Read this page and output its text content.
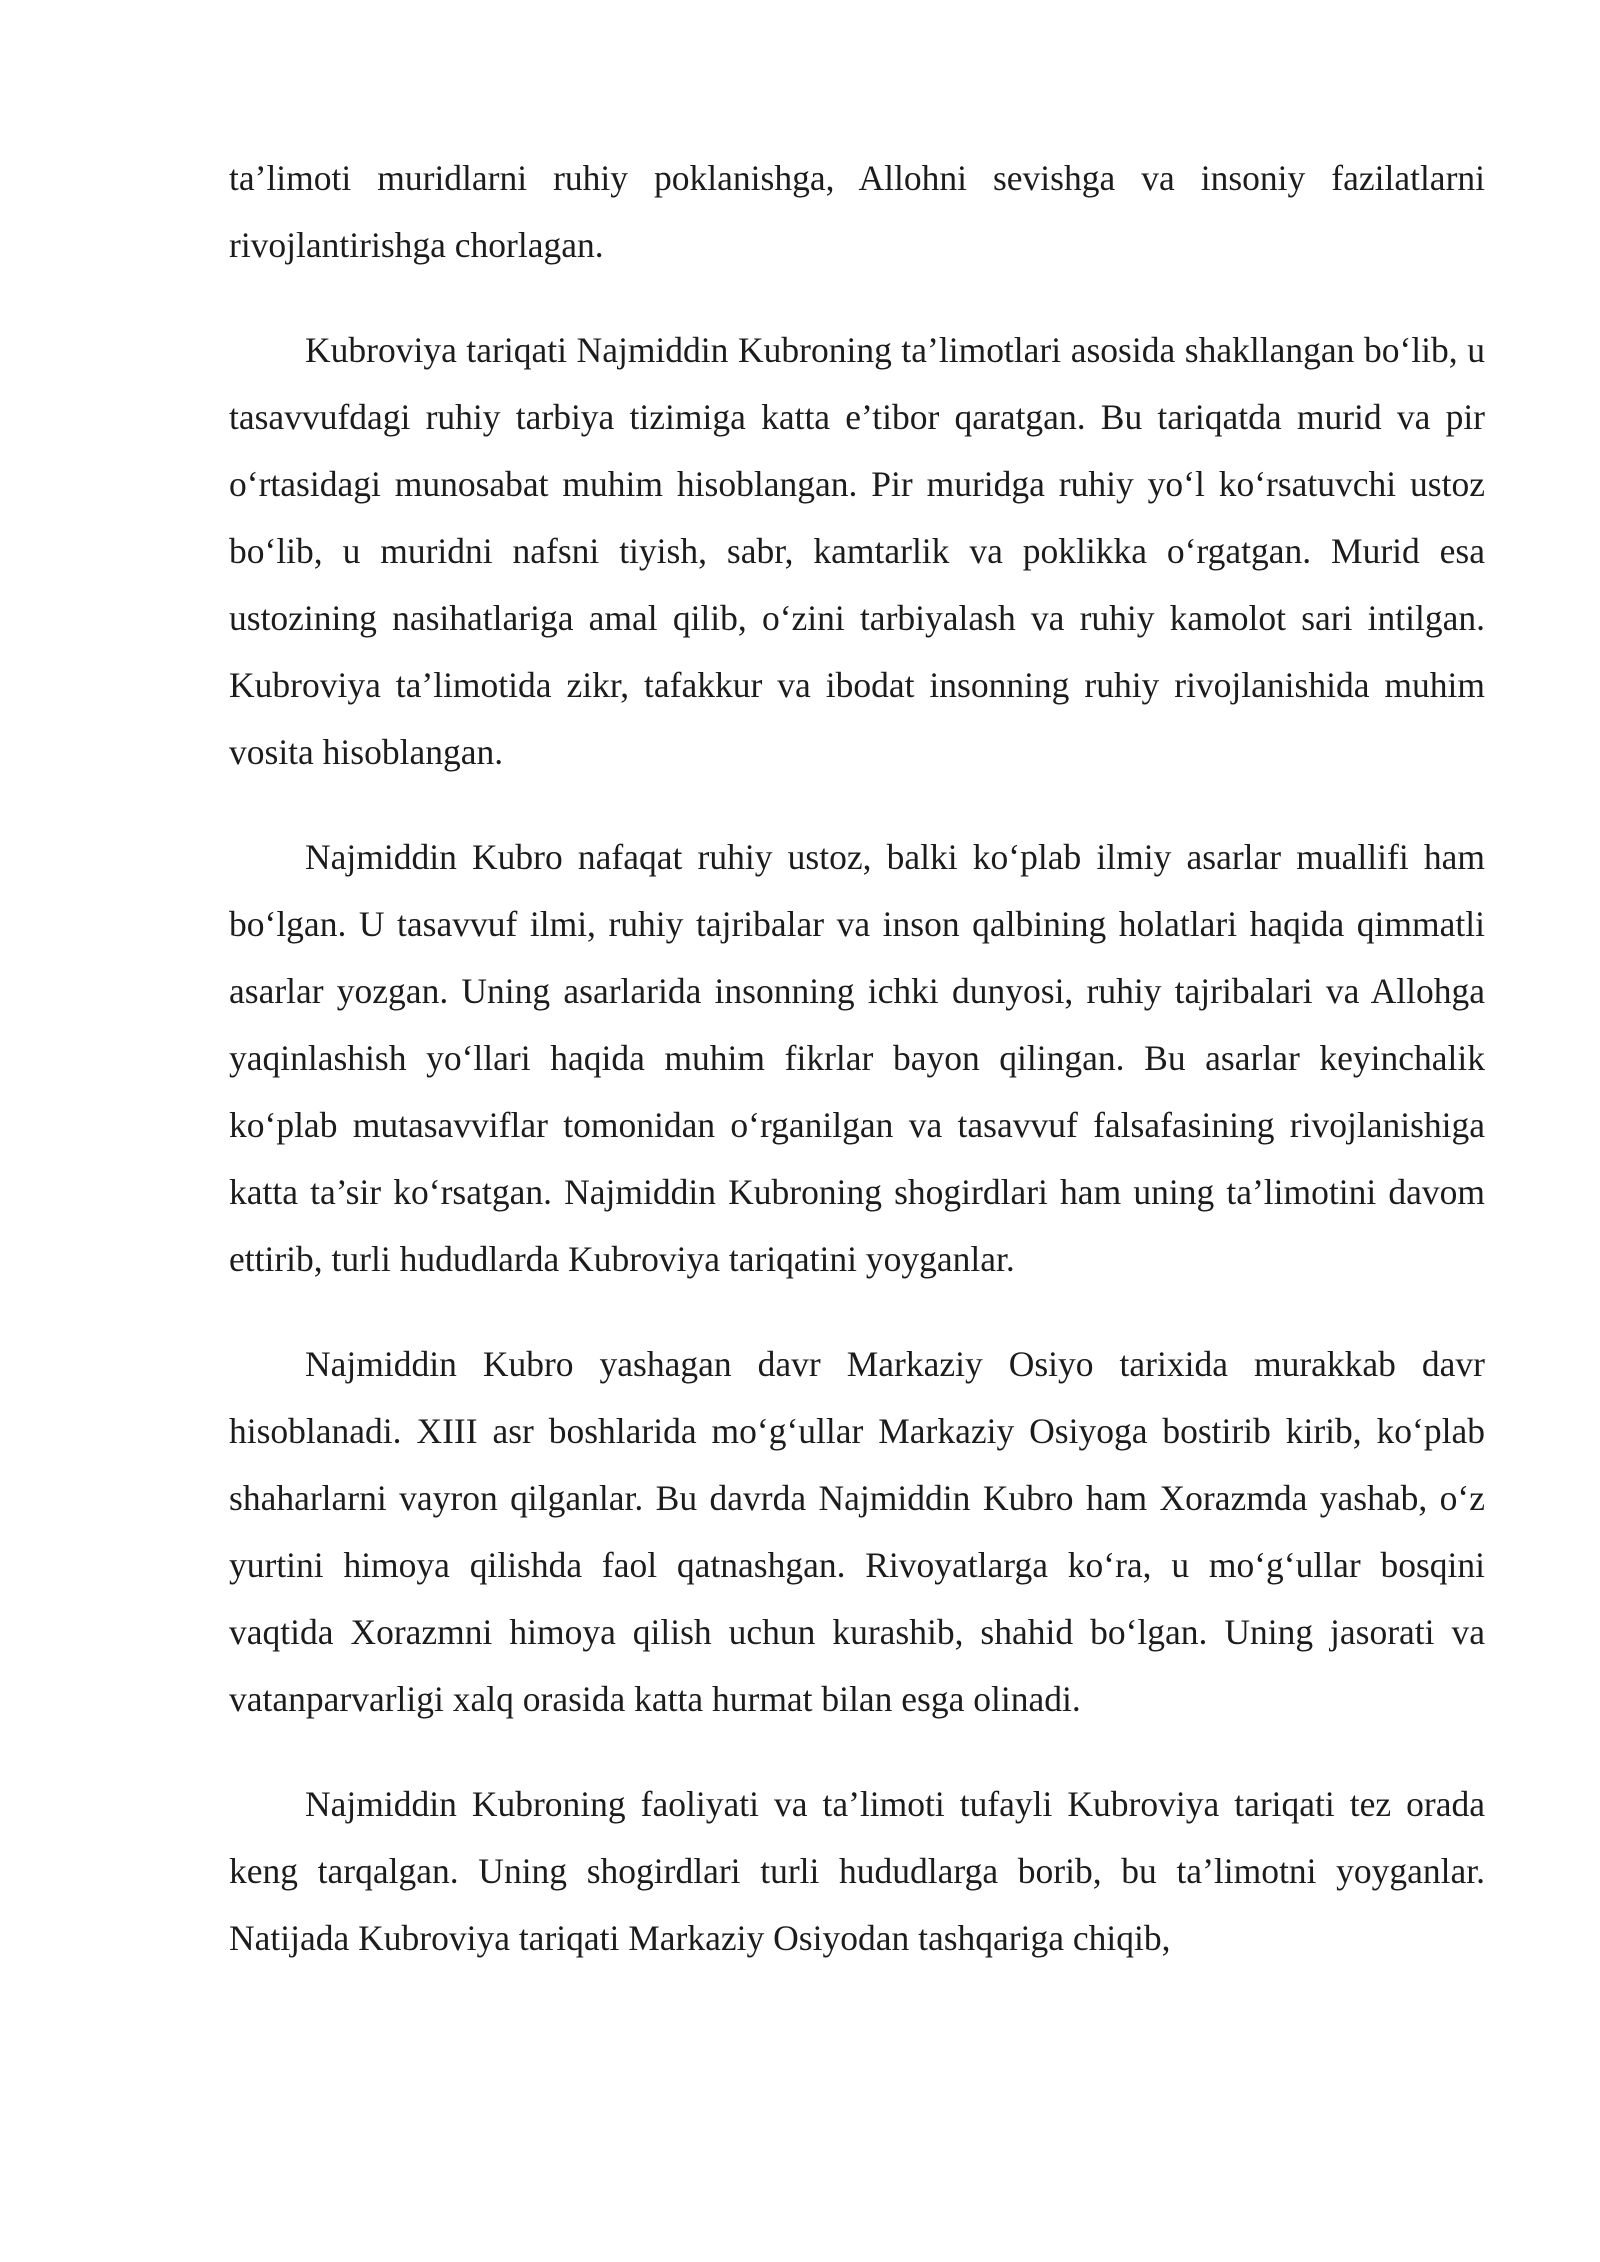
ta’limoti muridlarni ruhiy poklanishga, Allohni sevishga va insoniy fazilatlarni rivojlantirishga chorlagan.

Kubroviya tariqati Najmiddin Kubroning ta’limotlari asosida shakllangan bo‘lib, u tasavvufdagi ruhiy tarbiya tizimiga katta e’tibor qaratgan. Bu tariqatda murid va pir o‘rtasidagi munosabat muhim hisoblangan. Pir muridga ruhiy yo‘l ko‘rsatuvchi ustoz bo‘lib, u muridni nafsni tiyish, sabr, kamtarlik va poklikka o‘rgatgan. Murid esa ustozining nasihatlariga amal qilib, o‘zini tarbiyalash va ruhiy kamolot sari intilgan. Kubroviya ta’limotida zikr, tafakkur va ibodat insonning ruhiy rivojlanishida muhim vosita hisoblangan.

Najmiddin Kubro nafaqat ruhiy ustoz, balki ko‘plab ilmiy asarlar muallifi ham bo‘lgan. U tasavvuf ilmi, ruhiy tajribalar va inson qalbining holatlari haqida qimmatli asarlar yozgan. Uning asarlarida insonning ichki dunyosi, ruhiy tajribalari va Allohga yaqinlashish yo‘llari haqida muhim fikrlar bayon qilingan. Bu asarlar keyinchalik ko‘plab mutasavviflar tomonidan o‘rganilgan va tasavvuf falsafasining rivojlanishiga katta ta’sir ko‘rsatgan. Najmiddin Kubroning shogirdlari ham uning ta’limotini davom ettirib, turli hududlarda Kubroviya tariqatini yoyganlar.

Najmiddin Kubro yashagan davr Markaziy Osiyo tarixida murakkab davr hisoblanadi. XIII asr boshlarida mo‘g‘ullar Markaziy Osiyoga bostirib kirib, ko‘plab shaharlarni vayron qilganlar. Bu davrda Najmiddin Kubro ham Xorazmda yashab, o‘z yurtini himoya qilishda faol qatnashgan. Rivoyatlarga ko‘ra, u mo‘g‘ullar bosqini vaqtida Xorazmni himoya qilish uchun kurashib, shahid bo‘lgan. Uning jasorati va vatanparvarligi xalq orasida katta hurmat bilan esga olinadi.

Najmiddin Kubroning faoliyati va ta’limoti tufayli Kubroviya tariqati tez orada keng tarqalgan. Uning shogirdlari turli hududlarga borib, bu ta’limotni yoyganlar. Natijada Kubroviya tariqati Markaziy Osiyodan tashqariga chiqib,
